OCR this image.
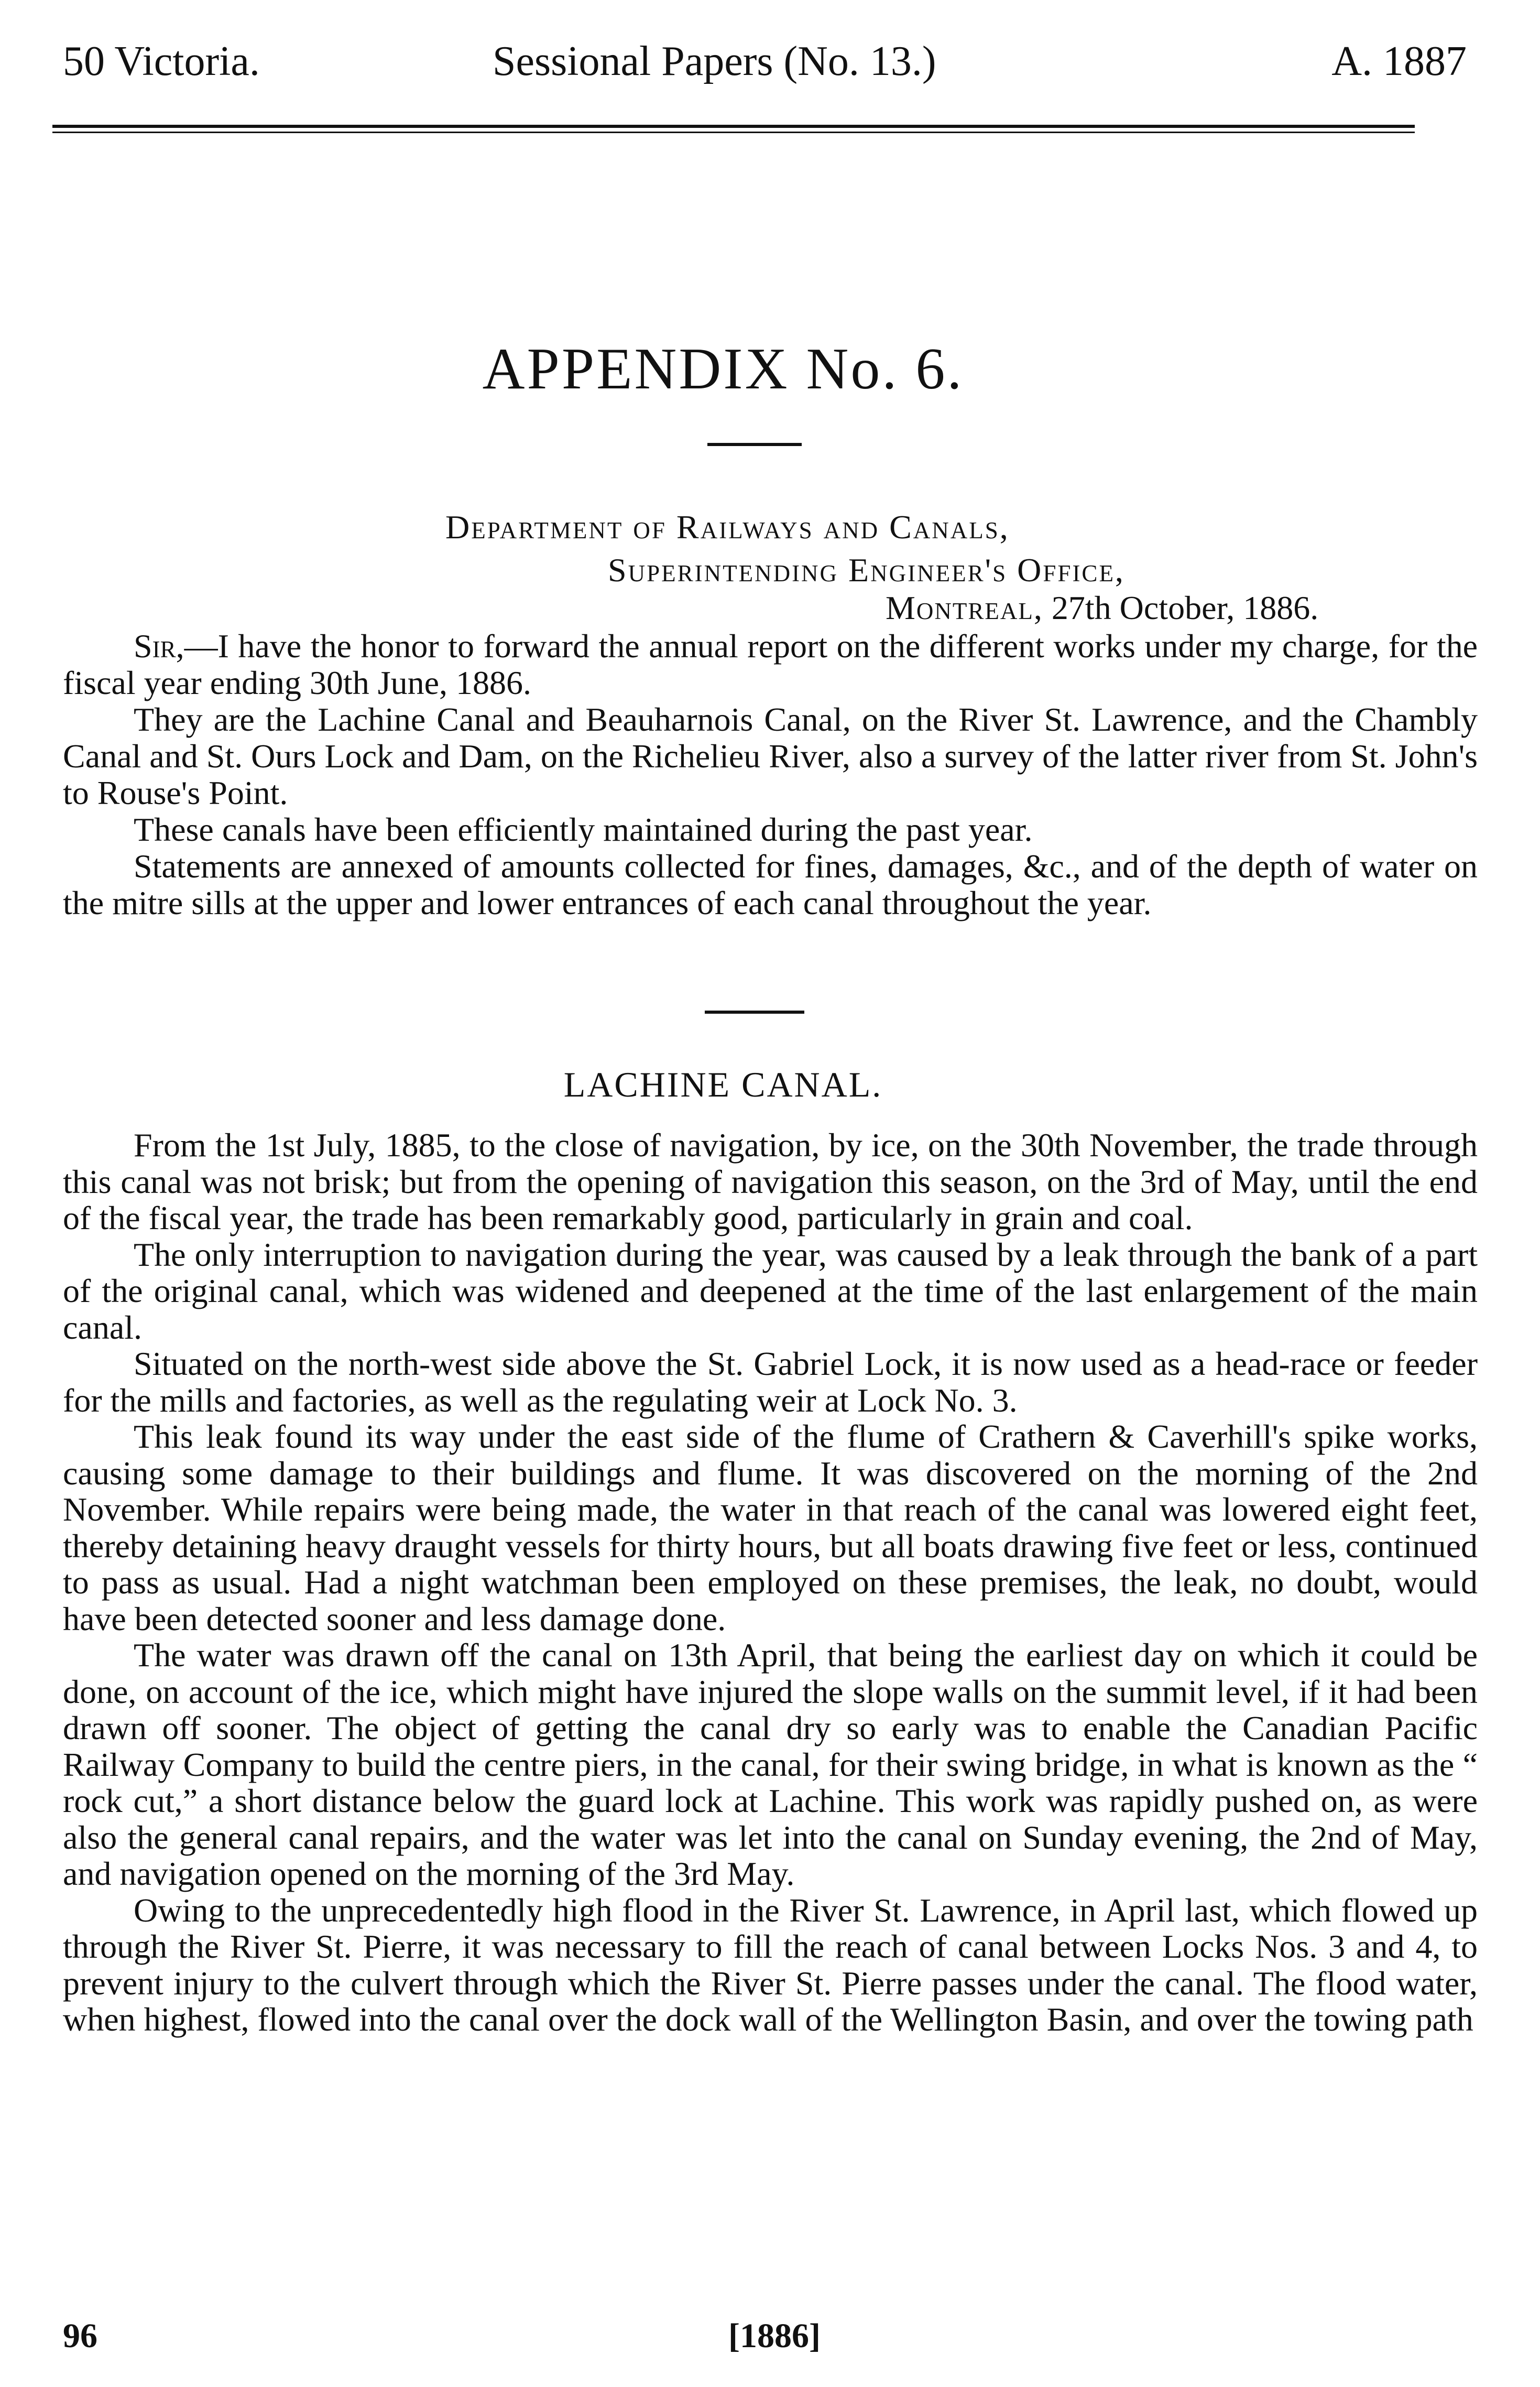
50 Victoria.	Sessional Papers (No. 13.)	A. 1887
APPENDIX No. 6.
Department of Railways and Canals,
Superintending Engineer's Office,
Montreal, 27th October, 1886.

Sir,—I have the honor to forward the annual report on the different works under my charge, for the fiscal year ending 30th June, 1886.

They are the Lachine Canal and Beauharnois Canal, on the River St. Lawrence, and the Chambly Canal and St. Ours Lock and Dam, on the Richelieu River, also a survey of the latter river from St. John's to Rouse's Point.

These canals have been efficiently maintained during the past year.

Statements are annexed of amounts collected for fines, damages, &c., and of the depth of water on the mitre sills at the upper and lower entrances of each canal throughout the year.

LACHINE CANAL.

From the 1st July, 1885, to the close of navigation, by ice, on the 30th November, the trade through this canal was not brisk; but from the opening of navigation this season, on the 3rd of May, until the end of the fiscal year, the trade has been remarkably good, particularly in grain and coal.

The only interruption to navigation during the year, was caused by a leak through the bank of a part of the original canal, which was widened and deepened at the time of the last enlargement of the main canal.

Situated on the north-west side above the St. Gabriel Lock, it is now used as a head-race or feeder for the mills and factories, as well as the regulating weir at Lock No. 3.

This leak found its way under the east side of the flume of Crathern & Caverhill's spike works, causing some damage to their buildings and flume. It was discovered on the morning of the 2nd November. While repairs were being made, the water in that reach of the canal was lowered eight feet, thereby detaining heavy draught vessels for thirty hours, but all boats drawing five feet or less, continued to pass as usual. Had a night watchman been employed on these premises, the leak, no doubt, would have been detected sooner and less damage done.

The water was drawn off the canal on 13th April, that being the earliest day on which it could be done, on account of the ice, which might have injured the slope walls on the summit level, if it had been drawn off sooner. The object of getting the canal dry so early was to enable the Canadian Pacific Railway Company to build the centre piers, in the canal, for their swing bridge, in what is known as the “ rock cut,” a short distance below the guard lock at Lachine. This work was rapidly pushed on, as were also the general canal repairs, and the water was let into the canal on Sunday evening, the 2nd of May, and navigation opened on the morning of the 3rd May.

Owing to the unprecedentedly high flood in the River St. Lawrence, in April last, which flowed up through the River St. Pierre, it was necessary to fill the reach of canal between Locks Nos. 3 and 4, to prevent injury to the culvert through which the River St. Pierre passes under the canal. The flood water, when highest, flowed into the canal over the dock wall of the Wellington Basin, and over the towing path

96	[1886]
